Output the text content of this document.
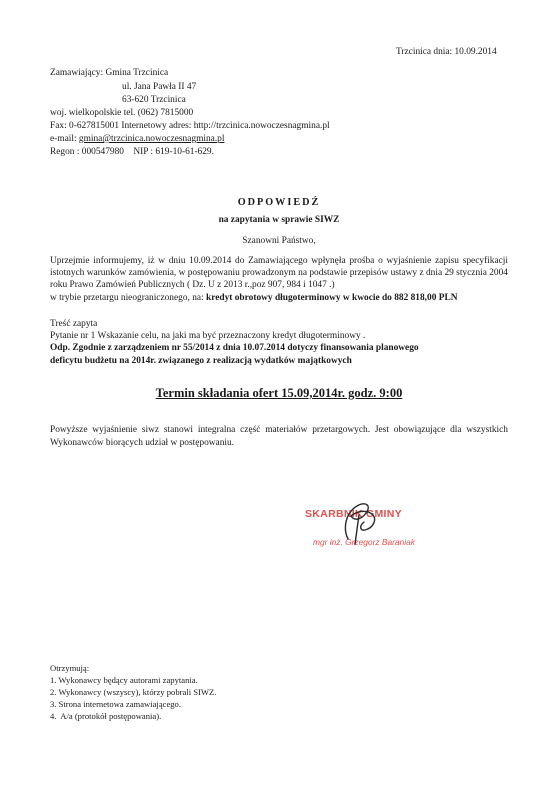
Trzcinica dnia: 10.09.2014
Zamawiający: Gmina Trzcinica
ul. Jana Pawła II 47
63-620 Trzcinica
woj. wielkopolskie tel. (062) 7815000
Fax: 0-627815001 Internetowy adres: http://trzcinica.nowoczesnagmina.pl
e-mail: gmina@trzcinica.nowoczesnagmina.pl
Regon : 000547980    NIP : 619-10-61-629.
ODPOWIEDŹ
na zapytania w sprawie SIWZ
Szanowni Państwo,
Uprzejmie informujemy, iż w dniu 10.09.2014 do Zamawiającego wpłynęła prośba o wyjaśnienie zapisu specyfikacji istotnych warunków zamówienia, w postępowaniu prowadzonym na podstawie przepisów ustawy z dnia 29 stycznia 2004 roku Prawo Zamówień Publicznych ( Dz. U z 2013 r.,poz 907, 984 i 1047 .)
w trybie przetargu nieograniczonego, na: kredyt obrotowy długoterminowy w kwocie do 882 818,00 PLN
Treść zapyta
Pytanie nr 1 Wskazanie celu, na jaki ma być przeznaczony kredyt długoterminowy .
Odp. Zgodnie z zarządzeniem nr 55/2014 z dnia 10.07.2014 dotyczy finansowania planowego
deficytu budżetu na 2014r. związanego z realizacją wydatków majątkowych
Termin składania ofert 15.09,2014r. godz. 9:00
Powyższe wyjaśnienie siwz stanowi integralna część materiałów przetargowych. Jest obowiązujące dla wszystkich Wykonawców biorących udział w postępowaniu.
SKARBNIK GMINY
mgr inż. Grzegorz Baraniak
Otrzymują:
1. Wykonawcy będący autorami zapytania.
2. Wykonawcy (wszyscy), którzy pobrali SIWZ.
3. Strona internetowa zamawiającego.
4.  A/a (protokół postępowania).
